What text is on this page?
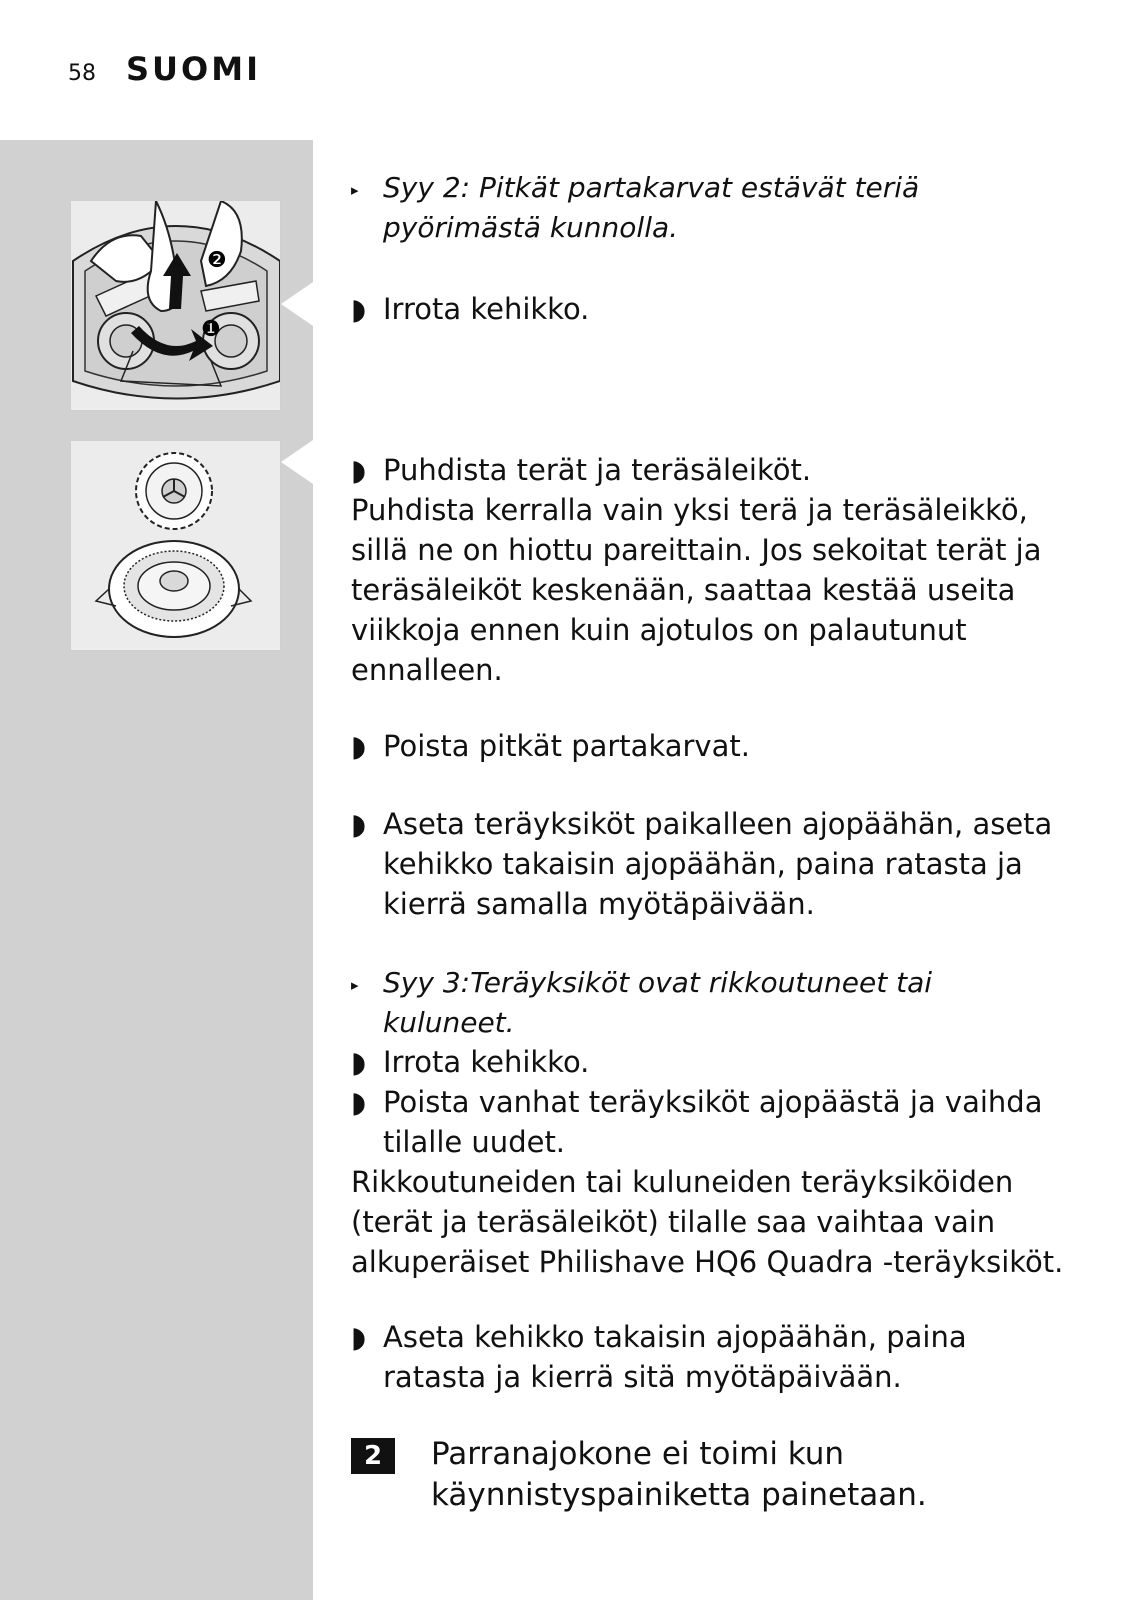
58 SUOMI
❷
❶
▸ Syy 2: Pitkät partakarvat estävät teriä pyörimästä kunnolla.
◗ Irrota kehikko.
◗ Puhdista terät ja teräsäleiköt.
Puhdista kerralla vain yksi terä ja teräsäleikkö, sillä ne on hiottu pareittain. Jos sekoitat terät ja teräsäleiköt keskenään, saattaa kestää useita viikkoja ennen kuin ajotulos on palautunut ennalleen.
◗ Poista pitkät partakarvat.
◗ Aseta teräyksiköt paikalleen ajopäähän, aseta kehikko takaisin ajopäähän, paina ratasta ja kierrä samalla myötäpäivään.
▸ Syy 3:Teräyksiköt ovat rikkoutuneet tai kuluneet.
◗ Irrota kehikko.
◗ Poista vanhat teräyksiköt ajopäästä ja vaihda tilalle uudet.
Rikkoutuneiden tai kuluneiden teräyksiköiden (terät ja teräsäleiköt) tilalle saa vaihtaa vain alkuperäiset Philishave HQ6 Quadra -teräyksiköt.
◗ Aseta kehikko takaisin ajopäähän, paina ratasta ja kierrä sitä myötäpäivään.
2	Parranajokone ei toimi kun käynnistyspainiketta painetaan.
